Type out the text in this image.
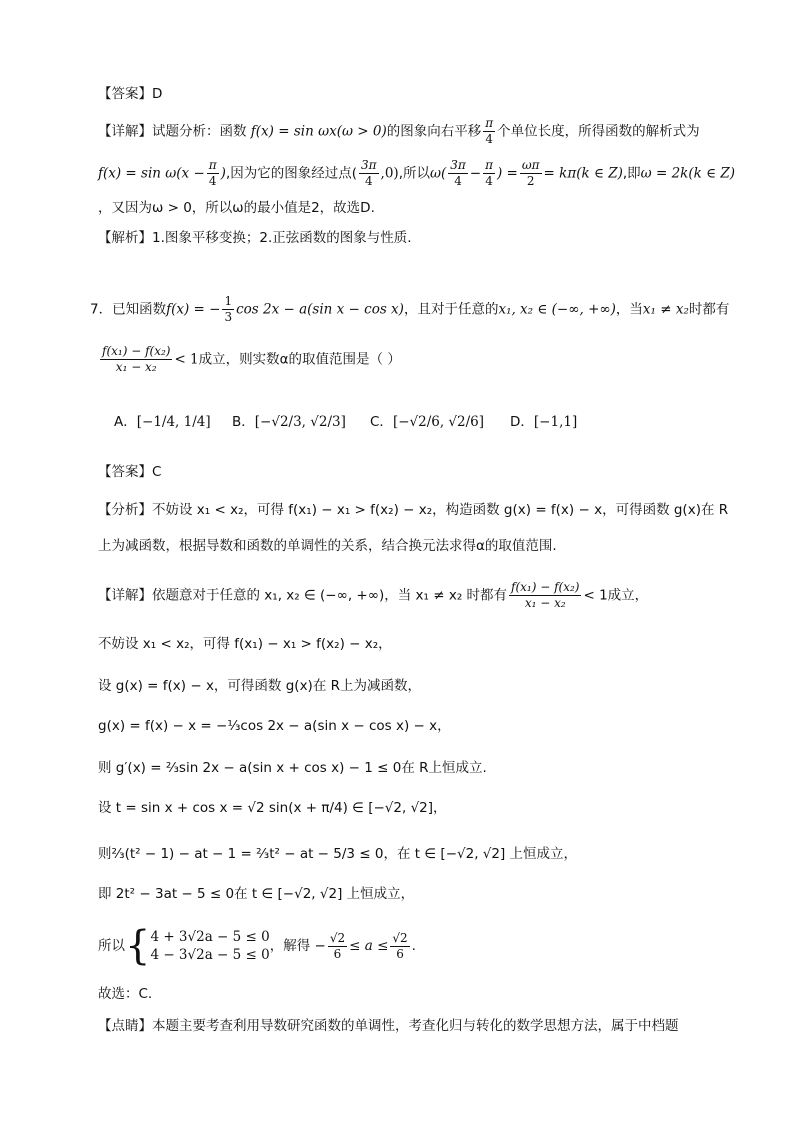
【答案】D
【详解】试题分析：函数 f(x) = sin ωx(ω > 0)的图象向右平移 $\frac{\pi}{4}$ 个单位长度，所得函数的解析式为
$f(x) = \sin \omega(x - \frac{\pi}{4}$ ),因为它的图象经过点( $\frac{3\pi}{4} ,0$),所以$\omega( \frac{3\pi}{4} - \frac{\pi}{4}$ ) = $\frac{\omega\pi}{2} = k\pi(k$ ∈ Z),即ω = 2k(k ∈ Z)
，又因为ω > 0，所以ω的最小值是2，故选D.
【解析】1.图象平移变换；2.正弦函数的图象与性质.
7．已知函数f(x) = − $\frac{1}{3}$ cos 2x − a(sin x − cos x)，且对于任意的x₁, x₂ ∈ (−∞, +∞)，当x₁ ≠ x₂时都有
$\frac{\text{f(x₁) − f(x₂)}}{\text{x₁ − x₂}} < 1$成立，则实数α的取值范围是（ ）
A．[−1/4, 1/4] B．[−√2/3, √2/3] C．[−√2/6, √2/6] D．[−1,1]
【答案】C
【分析】不妨设 x₁ < x₂，可得 f(x₁) − x₁ > f(x₂) − x₂，构造函数 g(x) = f(x) − x，可得函数 g(x)在 R
上为减函数，根据导数和函数的单调性的关系，结合换元法求得α的取值范围.
【详解】依题意对于任意的 x₁, x₂ ∈ (−∞, +∞)，当 x₁ ≠ x₂ 时都有 $\frac{\text{f(x₁) − f(x₂)}}{\text{x₁ − x₂}} < 1$成立，
不妨设 x₁ < x₂，可得 f(x₁) − x₁ > f(x₂) − x₂，
设 g(x) = f(x) − x，可得函数 g(x)在 R上为减函数，
g(x) = f(x) − x = −⅓cos 2x − a(sin x − cos x) − x，
则 g′(x) = ⅔sin 2x − a(sin x + cos x) − 1 ≤ 0在 R上恒成立.
设 t = sin x + cos x = √2 sin(x + π/4) ∈ [−√2, √2]，
则⅔(t² − 1) − at − 1 = ⅔t² − at − 5/3 ≤ 0，在 t ∈ [−√2, √2] 上恒成立，
即 2t² − 3at − 5 ≤ 0在 t ∈ [−√2, √2] 上恒成立，
所以{ 4 + 3√2a − 5 ≤ 0
4 − 3√2a − 5 ≤ 0
，解得 − $\frac{√2}{6} \le a \le \frac{√2}{6}$ .
故选：C.
【点睛】本题主要考查利用导数研究函数的单调性，考查化归与转化的数学思想方法，属于中档题
